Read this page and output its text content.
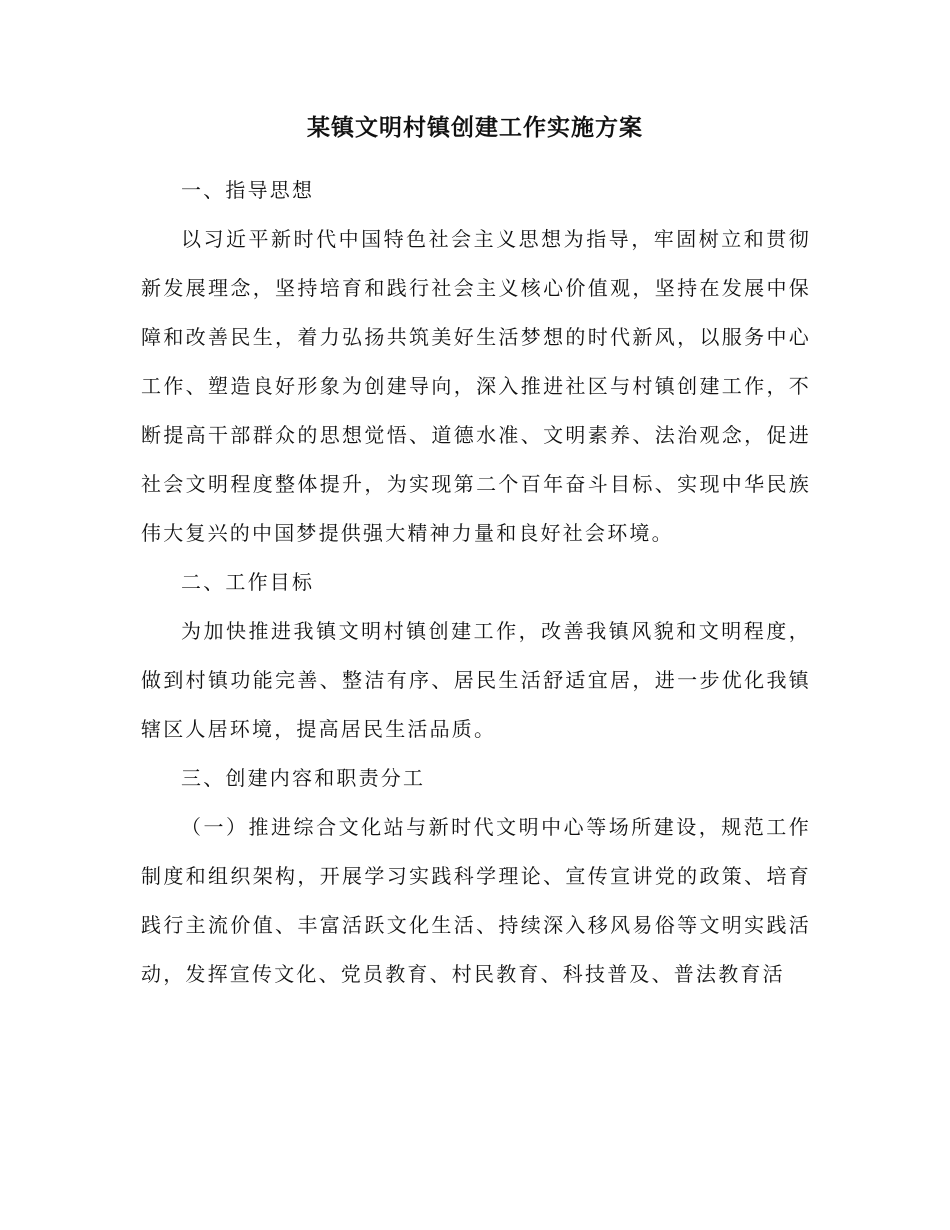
某镇文明村镇创建工作实施方案

一、指导思想

以习近平新时代中国特色社会主义思想为指导，牢固树立和贯彻新发展理念，坚持培育和践行社会主义核心价值观，坚持在发展中保障和改善民生，着力弘扬共筑美好生活梦想的时代新风，以服务中心工作、塑造良好形象为创建导向，深入推进社区与村镇创建工作，不断提高干部群众的思想觉悟、道德水准、文明素养、法治观念，促进社会文明程度整体提升，为实现第二个百年奋斗目标、实现中华民族伟大复兴的中国梦提供强大精神力量和良好社会环境。

二、工作目标

为加快推进我镇文明村镇创建工作，改善我镇风貌和文明程度，做到村镇功能完善、整洁有序、居民生活舒适宜居，进一步优化我镇辖区人居环境，提高居民生活品质。

三、创建内容和职责分工

（一）推进综合文化站与新时代文明中心等场所建设，规范工作制度和组织架构，开展学习实践科学理论、宣传宣讲党的政策、培育践行主流价值、丰富活跃文化生活、持续深入移风易俗等文明实践活动，发挥宣传文化、党员教育、村民教育、科技普及、普法教育活
